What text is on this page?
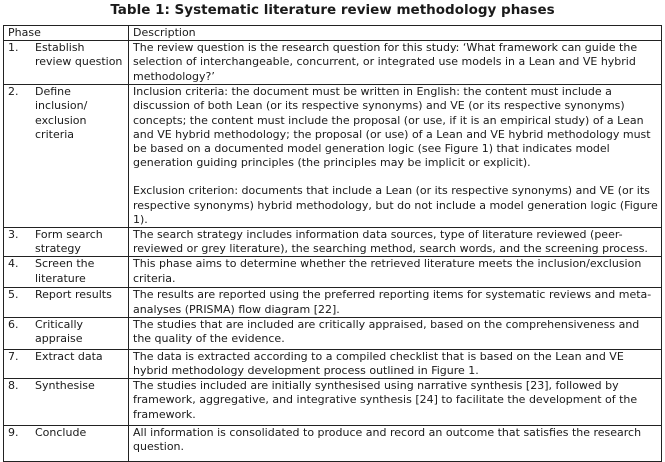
Table 1: Systematic literature review methodology phases
Phase	Description
1. Establish review question	The review question is the research question for this study: ‘What framework can guide the selection of interchangeable, concurrent, or integrated use models in a Lean and VE hybrid methodology?’

2. Define inclusion/ exclusion criteria	Inclusion criteria: the document must be written in English: the content must include a discussion of both Lean (or its respective synonyms) and VE (or its respective synonyms) concepts; the content must include the proposal (or use, if it is an empirical study) of a Lean and VE hybrid methodology; the proposal (or use) of a Lean and VE hybrid methodology must be based on a documented model generation logic (see Figure 1) that indicates model generation guiding principles (the principles may be implicit or explicit).

Exclusion criterion: documents that include a Lean (or its respective synonyms) and VE (or its respective synonyms) hybrid methodology, but do not include a model generation logic (Figure 1).

3. Form search strategy	The search strategy includes information data sources, type of literature reviewed (peer-reviewed or grey literature), the searching method, search words, and the screening process.

4. Screen the literature	This phase aims to determine whether the retrieved literature meets the inclusion/exclusion criteria.

5. Report results	The results are reported using the preferred reporting items for systematic reviews and meta-analyses (PRISMA) flow diagram [22].

6. Critically appraise	The studies that are included are critically appraised, based on the comprehensiveness and the quality of the evidence.

7. Extract data	The data is extracted according to a compiled checklist that is based on the Lean and VE hybrid methodology development process outlined in Figure 1.

8. Synthesise	The studies included are initially synthesised using narrative synthesis [23], followed by framework, aggregative, and integrative synthesis [24] to facilitate the development of the framework.

9. Conclude	All information is consolidated to produce and record an outcome that satisfies the research question.
